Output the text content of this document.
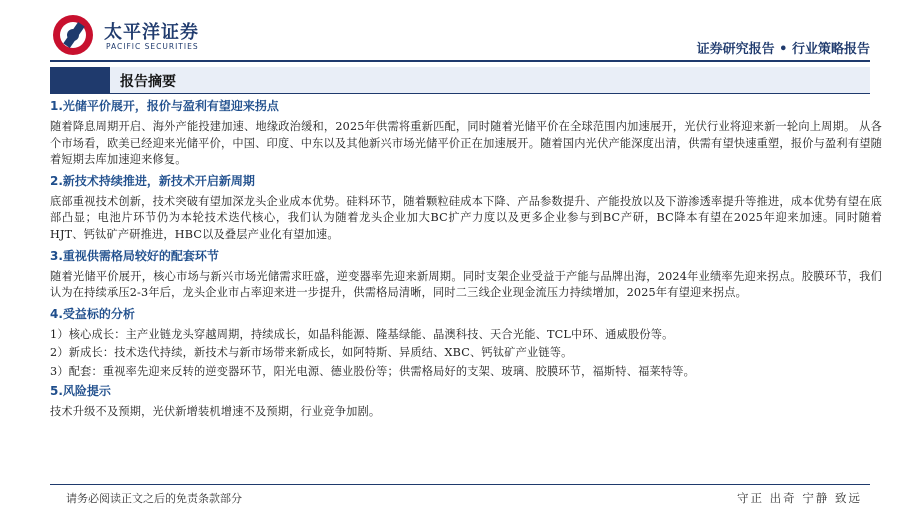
太平洋证券
PACIFIC SECURITIES	证券研究报告 • 行业策略报告
报告摘要
1.光储平价展开，报价与盈利有望迎来拐点
随着降息周期开启、海外产能投建加速、地缘政治缓和，2025年供需将重新匹配，同时随着光储平价在全球范围内加速展开，光伏行业将迎来新一轮向上周期。 从各个市场看，欧美已经迎来光储平价，中国、印度、中东以及其他新兴市场光储平价正在加速展开。随着国内光伏产能深度出清，供需有望快速重塑，报价与盈利有望随着短期去库加速迎来修复。
2.新技术持续推进，新技术开启新周期
底部重视技术创新，技术突破有望加深龙头企业成本优势。硅料环节，随着颗粒硅成本下降、产品参数提升、产能投放以及下游渗透率提升等推进，成本优势有望在底部凸显；电池片环节仍为本轮技术迭代核心，我们认为随着龙头企业加大BC扩产力度以及更多企业参与到BC产研，BC降本有望在2025年迎来加速。同时随着HJT、钙钛矿产研推进，HBC以及叠层产业化有望加速。
3.重视供需格局较好的配套环节
随着光储平价展开，核心市场与新兴市场光储需求旺盛，逆变器率先迎来新周期。同时支架企业受益于产能与品牌出海，2024年业绩率先迎来拐点。胶膜环节，我们认为在持续承压2-3年后，龙头企业市占率迎来进一步提升，供需格局清晰，同时二三线企业现金流压力持续增加，2025年有望迎来拐点。
4.受益标的分析
1）核心成长：主产业链龙头穿越周期，持续成长，如晶科能源、隆基绿能、晶澳科技、天合光能、TCL中环、通威股份等。
2）新成长：技术迭代持续，新技术与新市场带来新成长，如阿特斯、异质结、XBC、钙钛矿产业链等。
3）配套：重视率先迎来反转的逆变器环节，阳光电源、德业股份等；供需格局好的支架、玻璃、胶膜环节，福斯特、福莱特等。
5.风险提示
技术升级不及预期，光伏新增装机增速不及预期，行业竞争加剧。
请务必阅读正文之后的免责条款部分	守正 出奇 宁静 致远
